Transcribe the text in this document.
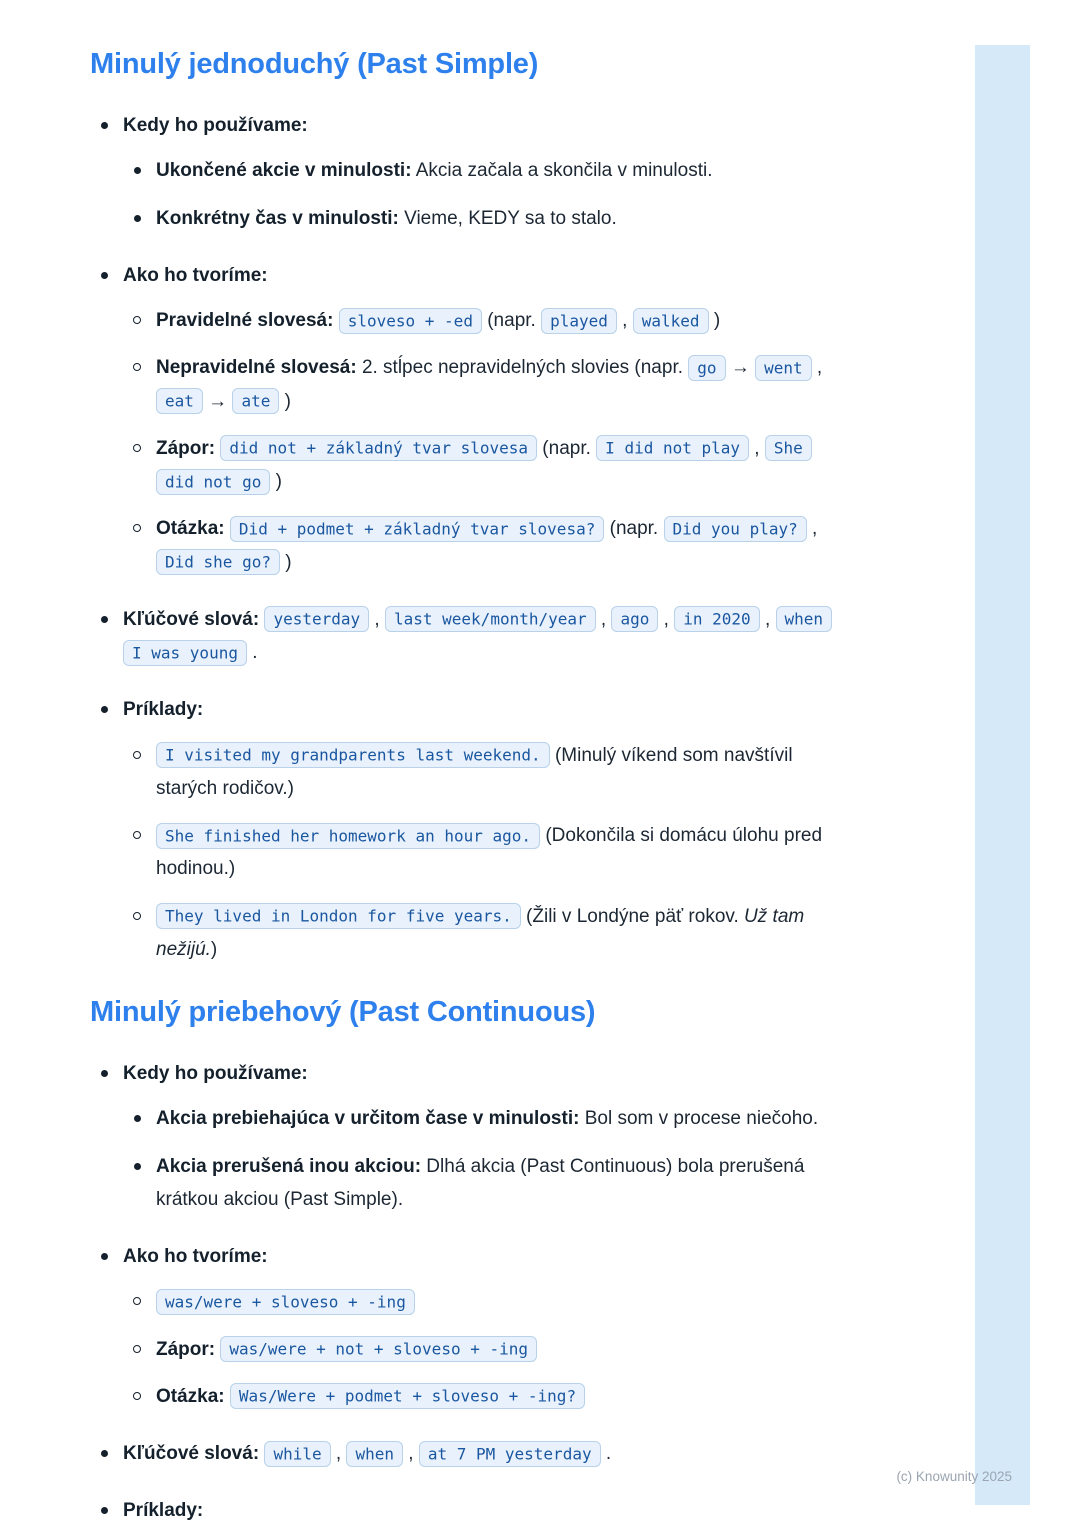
Minulý jednoduchý (Past Simple)
Kedy ho používame:
Ukončené akcie v minulosti: Akcia začala a skončila v minulosti.
Konkrétny čas v minulosti: Vieme, KEDY sa to stalo.
Ako ho tvoríme:
Pravidelné slovesá: sloveso + -ed (napr. played , walked )
Nepravidelné slovesá: 2. stĺpec nepravidelných slovies (napr. go → went , eat → ate )
Zápor: did not + základný tvar slovesa (napr. I did not play , She did not go )
Otázka: Did + podmet + základný tvar slovesa? (napr. Did you play? , Did she go? )
Kľúčové slová: yesterday , last week/month/year , ago , in 2020 , when I was young .
Príklady:
I visited my grandparents last weekend. (Minulý víkend som navštívil starých rodičov.)
She finished her homework an hour ago. (Dokončila si domácu úlohu pred hodinou.)
They lived in London for five years. (Žili v Londýne päť rokov. Už tam nežijú.)
Minulý priebehový (Past Continuous)
Kedy ho používame:
Akcia prebiehajúca v určitom čase v minulosti: Bol som v procese niečoho.
Akcia prerušená inou akciou: Dlhá akcia (Past Continuous) bola prerušená krátkou akciou (Past Simple).
Ako ho tvoríme:
was/were + sloveso + -ing
Zápor: was/were + not + sloveso + -ing
Otázka: Was/Were + podmet + sloveso + -ing?
Kľúčové slová: while , when , at 7 PM yesterday .
Príklady:
(c) Knowunity 2025
